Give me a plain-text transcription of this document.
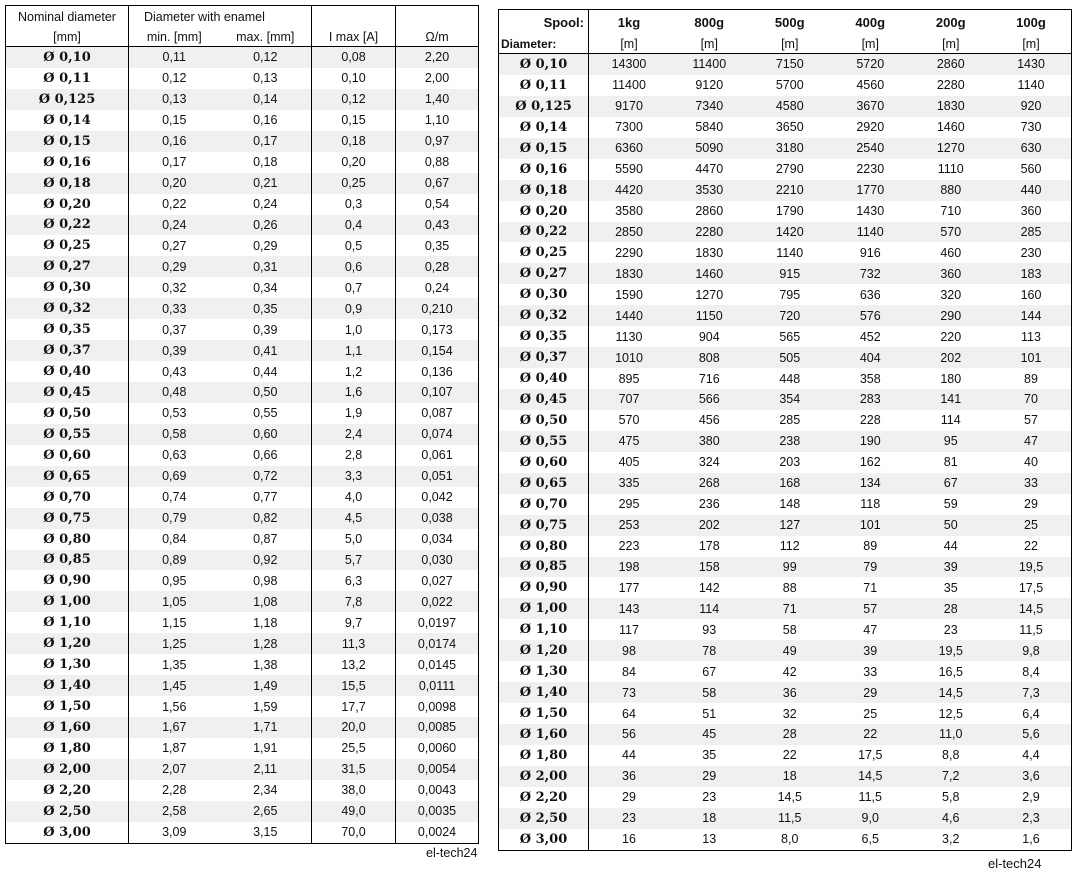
Nominal diameter	Diameter with enamel			
[mm]	min. [mm]	max. [mm]	I max [A]	Ω/m
Ø 0,10	0,11	0,12	0,08	2,20
Ø 0,11	0,12	0,13	0,10	2,00
Ø 0,125	0,13	0,14	0,12	1,40
Ø 0,14	0,15	0,16	0,15	1,10
Ø 0,15	0,16	0,17	0,18	0,97
Ø 0,16	0,17	0,18	0,20	0,88
Ø 0,18	0,20	0,21	0,25	0,67
Ø 0,20	0,22	0,24	0,3	0,54
Ø 0,22	0,24	0,26	0,4	0,43
Ø 0,25	0,27	0,29	0,5	0,35
Ø 0,27	0,29	0,31	0,6	0,28
Ø 0,30	0,32	0,34	0,7	0,24
Ø 0,32	0,33	0,35	0,9	0,210
Ø 0,35	0,37	0,39	1,0	0,173
Ø 0,37	0,39	0,41	1,1	0,154
Ø 0,40	0,43	0,44	1,2	0,136
Ø 0,45	0,48	0,50	1,6	0,107
Ø 0,50	0,53	0,55	1,9	0,087
Ø 0,55	0,58	0,60	2,4	0,074
Ø 0,60	0,63	0,66	2,8	0,061
Ø 0,65	0,69	0,72	3,3	0,051
Ø 0,70	0,74	0,77	4,0	0,042
Ø 0,75	0,79	0,82	4,5	0,038
Ø 0,80	0,84	0,87	5,0	0,034
Ø 0,85	0,89	0,92	5,7	0,030
Ø 0,90	0,95	0,98	6,3	0,027
Ø 1,00	1,05	1,08	7,8	0,022
Ø 1,10	1,15	1,18	9,7	0,0197
Ø 1,20	1,25	1,28	11,3	0,0174
Ø 1,30	1,35	1,38	13,2	0,0145
Ø 1,40	1,45	1,49	15,5	0,0111
Ø 1,50	1,56	1,59	17,7	0,0098
Ø 1,60	1,67	1,71	20,0	0,0085
Ø 1,80	1,87	1,91	25,5	0,0060
Ø 2,00	2,07	2,11	31,5	0,0054
Ø 2,20	2,28	2,34	38,0	0,0043
Ø 2,50	2,58	2,65	49,0	0,0035
Ø 3,00	3,09	3,15	70,0	0,0024
el-tech24
Spool:	1kg	800g	500g	400g	200g	100g
Diameter:	[m]	[m]	[m]	[m]	[m]	[m]
Ø 0,10	14300	11400	7150	5720	2860	1430
Ø 0,11	11400	9120	5700	4560	2280	1140
Ø 0,125	9170	7340	4580	3670	1830	920
Ø 0,14	7300	5840	3650	2920	1460	730
Ø 0,15	6360	5090	3180	2540	1270	630
Ø 0,16	5590	4470	2790	2230	1110	560
Ø 0,18	4420	3530	2210	1770	880	440
Ø 0,20	3580	2860	1790	1430	710	360
Ø 0,22	2850	2280	1420	1140	570	285
Ø 0,25	2290	1830	1140	916	460	230
Ø 0,27	1830	1460	915	732	360	183
Ø 0,30	1590	1270	795	636	320	160
Ø 0,32	1440	1150	720	576	290	144
Ø 0,35	1130	904	565	452	220	113
Ø 0,37	1010	808	505	404	202	101
Ø 0,40	895	716	448	358	180	89
Ø 0,45	707	566	354	283	141	70
Ø 0,50	570	456	285	228	114	57
Ø 0,55	475	380	238	190	95	47
Ø 0,60	405	324	203	162	81	40
Ø 0,65	335	268	168	134	67	33
Ø 0,70	295	236	148	118	59	29
Ø 0,75	253	202	127	101	50	25
Ø 0,80	223	178	112	89	44	22
Ø 0,85	198	158	99	79	39	19,5
Ø 0,90	177	142	88	71	35	17,5
Ø 1,00	143	114	71	57	28	14,5
Ø 1,10	117	93	58	47	23	11,5
Ø 1,20	98	78	49	39	19,5	9,8
Ø 1,30	84	67	42	33	16,5	8,4
Ø 1,40	73	58	36	29	14,5	7,3
Ø 1,50	64	51	32	25	12,5	6,4
Ø 1,60	56	45	28	22	11,0	5,6
Ø 1,80	44	35	22	17,5	8,8	4,4
Ø 2,00	36	29	18	14,5	7,2	3,6
Ø 2,20	29	23	14,5	11,5	5,8	2,9
Ø 2,50	23	18	11,5	9,0	4,6	2,3
Ø 3,00	16	13	8,0	6,5	3,2	1,6
el-tech24
